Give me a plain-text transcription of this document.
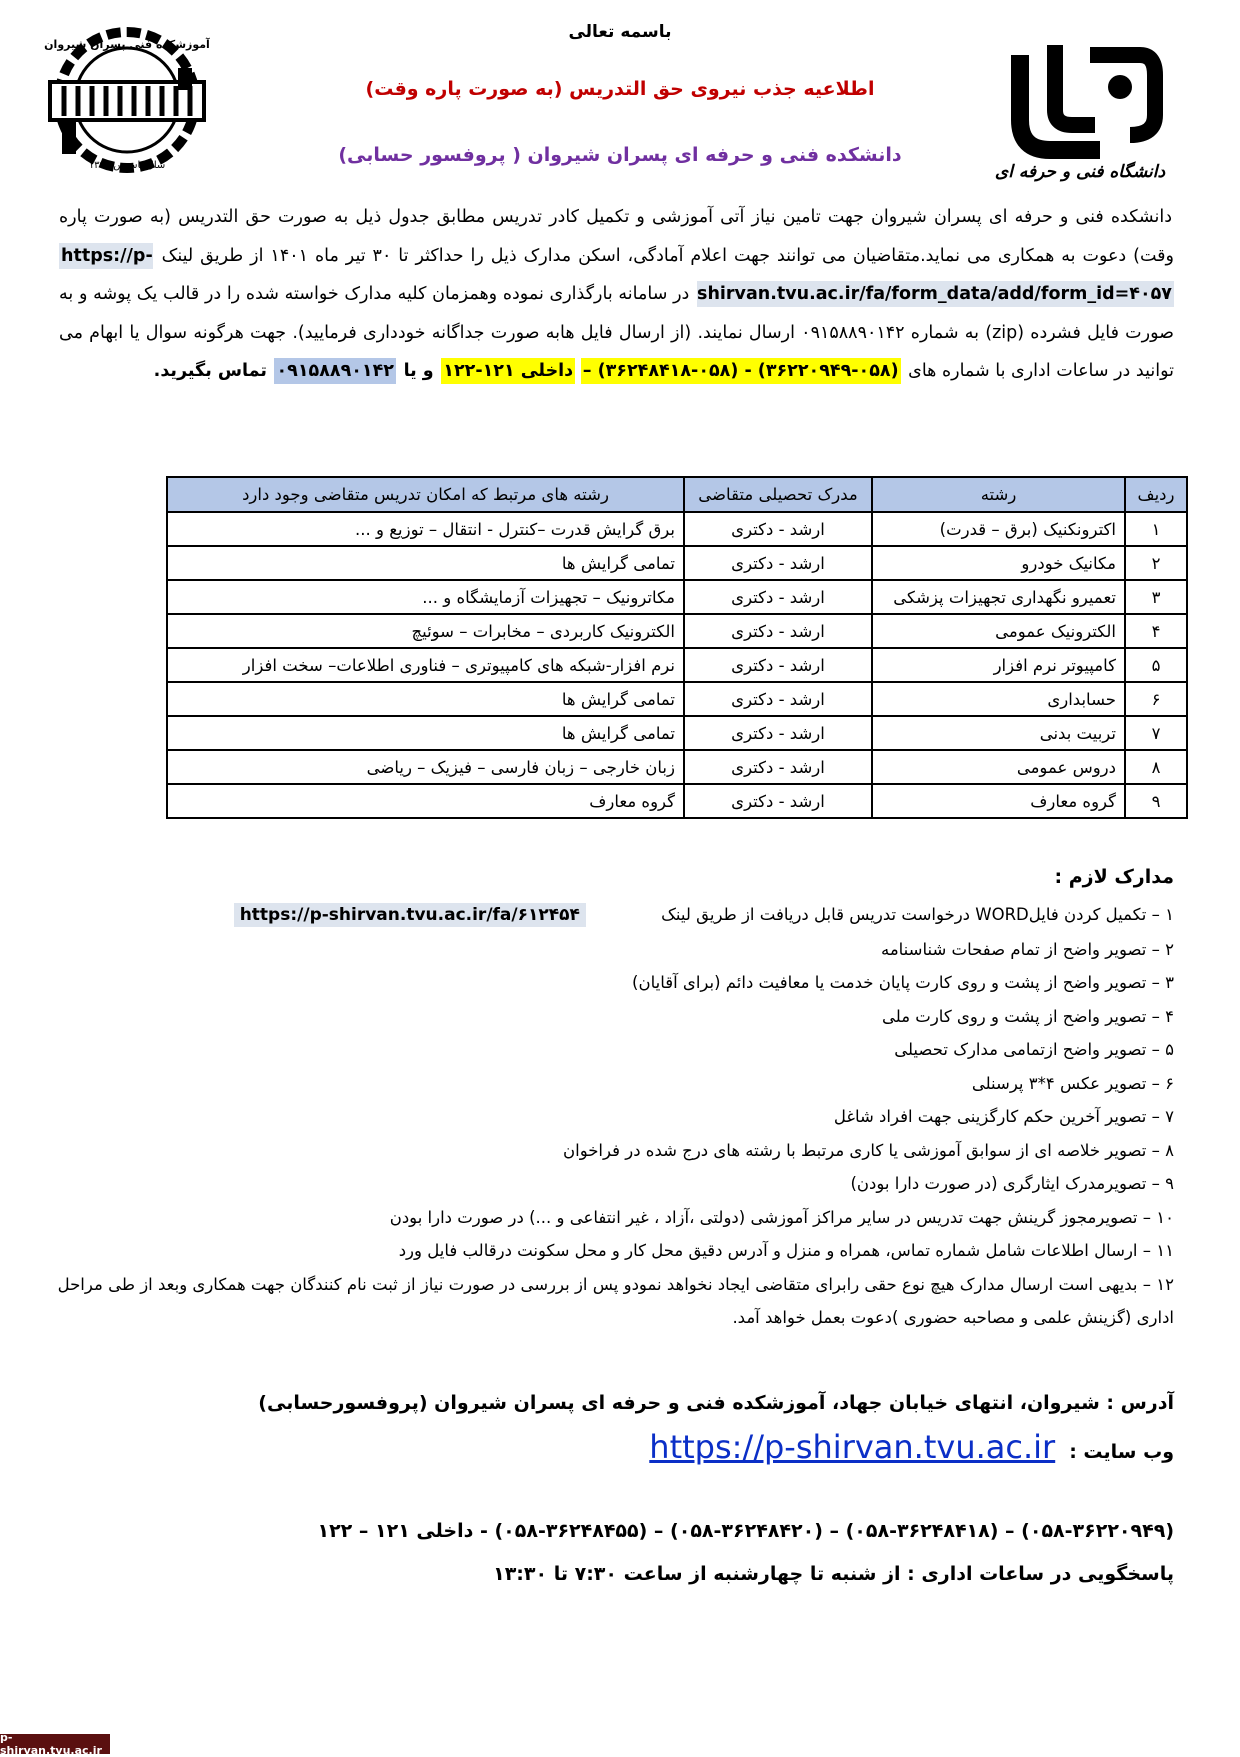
دانشگاه فنی و حرفه ای
آموزشکده فنی پسران شیروان
سال تاسیس ۱۳۹۱
باسمه تعالی
اطلاعیه جذب نیروی حق التدریس (به صورت پاره وقت)
دانشکده فنی و حرفه ای پسران شیروان ( پروفسور حسابی)
دانشکده فنی و حرفه ای پسران شیروان جهت تامین نیاز آتی آموزشی و تکمیل کادر تدریس مطابق جدول ذیل به صورت حق التدریس (به صورت پاره وقت) دعوت به همکاری می نماید.متقاضیان می توانند جهت اعلام آمادگی، اسکن مدارک ذیل را حداکثر تا ۳۰ تیر ماه ۱۴۰۱ از طریق لینک https://p-shirvan.tvu.ac.ir/fa/form_data/add/form_id=۴۰۵۷ در سامانه بارگذاری نموده وهمزمان کلیه مدارک خواسته شده را در قالب یک پوشه و به صورت فایل فشرده (zip) به شماره ۰۹۱۵۸۸۹۰۱۴۲ ارسال نمایند. (از ارسال فایل هابه صورت جداگانه خودداری فرمایید). جهت هرگونه سوال یا ابهام می توانید در ساعات اداری با شماره های (۰۵۸-۳۶۲۲۰۹۴۹) - (۰۵۸-۳۶۲۴۸۴۱۸) – داخلی ۱۲۱-۱۲۲ و یا ۰۹۱۵۸۸۹۰۱۴۲ تماس بگیرید.
ردیف	رشته	مدرک تحصیلی متقاضی	رشته های مرتبط که امکان تدریس متقاضی وجود دارد
۱	اکترونکنیک (برق – قدرت)	ارشد - دکتری	برق گرایش قدرت –کنترل - انتقال – توزیع و ...
۲	مکانیک خودرو	ارشد - دکتری	تمامی گرایش ها
۳	تعمیرو نگهداری تجهیزات پزشکی	ارشد - دکتری	مکاترونیک – تجهیزات آزمایشگاه و ...
۴	الکترونیک عمومی	ارشد - دکتری	الکترونیک کاربردی – مخابرات – سوئیچ
۵	کامپیوتر نرم افزار	ارشد - دکتری	نرم افزار-شبکه های کامپیوتری – فناوری اطلاعات– سخت افزار
۶	حسابداری	ارشد - دکتری	تمامی گرایش ها
۷	تربیت بدنی	ارشد - دکتری	تمامی گرایش ها
۸	دروس عمومی	ارشد - دکتری	زبان خارجی – زبان فارسی – فیزیک – ریاضی
۹	گروه معارف	ارشد - دکتری	گروه معارف
مدارک لازم :
۱ – تکمیل کردن فایلWORD درخواست تدریس قابل دریافت از طریق لینک https://p-shirvan.tvu.ac.ir/fa/۶۱۲۴۵۴
۲ – تصویر واضح از تمام صفحات شناسنامه
۳ – تصویر واضح از پشت و روی کارت پایان خدمت یا معافیت دائم (برای آقایان)
۴ – تصویر واضح از پشت و روی کارت ملی
۵ – تصویر واضح ازتمامی مدارک تحصیلی
۶ – تصویر عکس ۴*۳ پرسنلی
۷ – تصویر آخرین حکم کارگزینی جهت افراد شاغل
۸ – تصویر خلاصه ای از سوابق آموزشی یا کاری مرتبط با رشته های درج شده در فراخوان
۹ – تصویرمدرک ایثارگری (در صورت دارا بودن)
۱۰ – تصویرمجوز گرینش جهت تدریس در سایر مراکز آموزشی (دولتی ،آزاد ، غیر انتفاعی و ...) در صورت دارا بودن
۱۱ – ارسال اطلاعات شامل شماره تماس، همراه و منزل و آدرس دقیق محل کار و محل سکونت درقالب فایل ورد
۱۲ – بدیهی است ارسال مدارک هیچ نوع حقی رابرای متقاضی ایجاد نخواهد نمودو پس از بررسی در صورت نیاز از ثبت نام کنندگان جهت همکاری وبعد از طی مراحل اداری (گزینش علمی و مصاحبه حضوری )دعوت بعمل خواهد آمد.
آدرس : شیروان، انتهای خیابان جهاد، آموزشکده فنی و حرفه ای پسران شیروان (پروفسورحسابی)
وب سایت :
https://p-shirvan.tvu.ac.ir
(۰۵۸-۳۶۲۲۰۹۴۹) – (۰۵۸-۳۶۲۴۸۴۱۸) – (۰۵۸-۳۶۲۴۸۴۲۰) – (۰۵۸-۳۶۲۴۸۴۵۵) - داخلی ۱۲۱ – ۱۲۲
پاسخگویی در ساعات اداری : از شنبه تا چهارشنبه از ساعت ۷:۳۰ تا ۱۳:۳۰
p-shirvan.tvu.ac.ir
